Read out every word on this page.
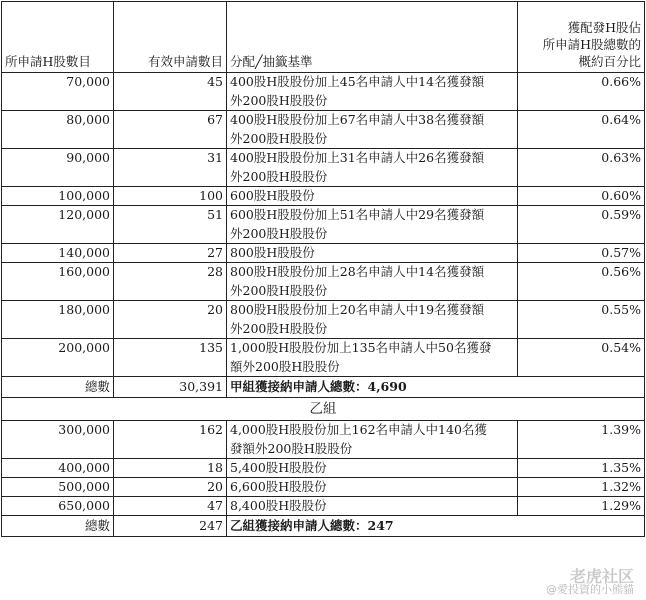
所申請H股數目	有效申請數目	分配╱抽籤基準	獲配發H股佔
所申請H股總數的
概約百分比

70,000	45	400股H股股份加上45名申請人中14名獲發額
外200股H股股份	0.66%
80,000	67	400股H股股份加上67名申請人中38名獲發額
外200股H股股份	0.64%
90,000	31	400股H股股份加上31名申請人中26名獲發額
外200股H股股份	0.63%
100,000	100	600股H股股份	0.60%
120,000	51	600股H股股份加上51名申請人中29名獲發額
外200股H股股份	0.59%
140,000	27	800股H股股份	0.57%
160,000	28	800股H股股份加上28名申請人中14名獲發額
外200股H股股份	0.56%
180,000	20	800股H股股份加上20名申請人中19名獲發額
外200股H股股份	0.55%
200,000	135	1,000股H股股份加上135名申請人中50名獲發
額外200股H股股份	0.54%
總數	30,391	甲組獲接納申請人總數：4,690	
乙組			
300,000	162	4,000股H股股份加上162名申請人中140名獲
發額外200股H股股份	1.39%
400,000	18	5,400股H股股份	1.35%
500,000	20	6,600股H股股份	1.32%
650,000	47	8,400股H股股份	1.29%
總數	247	乙組獲接納申請人總數：247	
老虎社区
@愛投資的小熊貓
